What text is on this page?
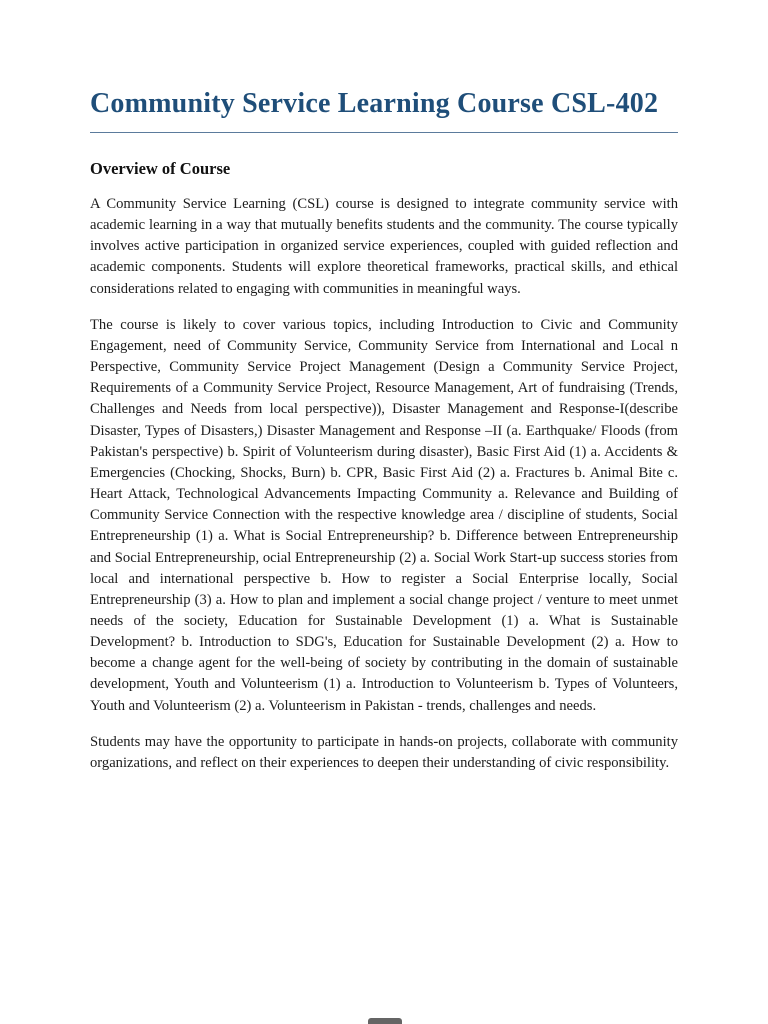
Community Service Learning Course CSL-402
Overview of Course

A Community Service Learning (CSL) course is designed to integrate community service with academic learning in a way that mutually benefits students and the community. The course typically involves active participation in organized service experiences, coupled with guided reflection and academic components. Students will explore theoretical frameworks, practical skills, and ethical considerations related to engaging with communities in meaningful ways.

The course is likely to cover various topics, including Introduction to Civic and Community Engagement, need of Community Service, Community Service from International and Local n Perspective, Community Service Project Management (Design a Community Service Project, Requirements of a Community Service Project, Resource Management, Art of fundraising (Trends, Challenges and Needs from local perspective)), Disaster Management and Response-I(describe Disaster, Types of Disasters,) Disaster Management and Response –II (a. Earthquake/ Floods (from Pakistan's perspective) b. Spirit of Volunteerism during disaster), Basic First Aid (1) a. Accidents & Emergencies (Chocking, Shocks, Burn) b. CPR, Basic First Aid (2) a. Fractures b. Animal Bite c. Heart Attack, Technological Advancements Impacting Community a. Relevance and Building of Community Service Connection with the respective knowledge area / discipline of students, Social Entrepreneurship (1) a. What is Social Entrepreneurship? b. Difference between Entrepreneurship and Social Entrepreneurship, ocial Entrepreneurship (2) a. Social Work Start-up success stories from local and international perspective b. How to register a Social Enterprise locally, Social Entrepreneurship (3) a. How to plan and implement a social change project / venture to meet unmet needs of the society, Education for Sustainable Development (1) a. What is Sustainable Development? b. Introduction to SDG's, Education for Sustainable Development (2) a. How to become a change agent for the well-being of society by contributing in the domain of sustainable development, Youth and Volunteerism (1) a. Introduction to Volunteerism b. Types of Volunteers, Youth and Volunteerism (2) a. Volunteerism in Pakistan - trends, challenges and needs.

Students may have the opportunity to participate in hands-on projects, collaborate with community organizations, and reflect on their experiences to deepen their understanding of civic responsibility.
